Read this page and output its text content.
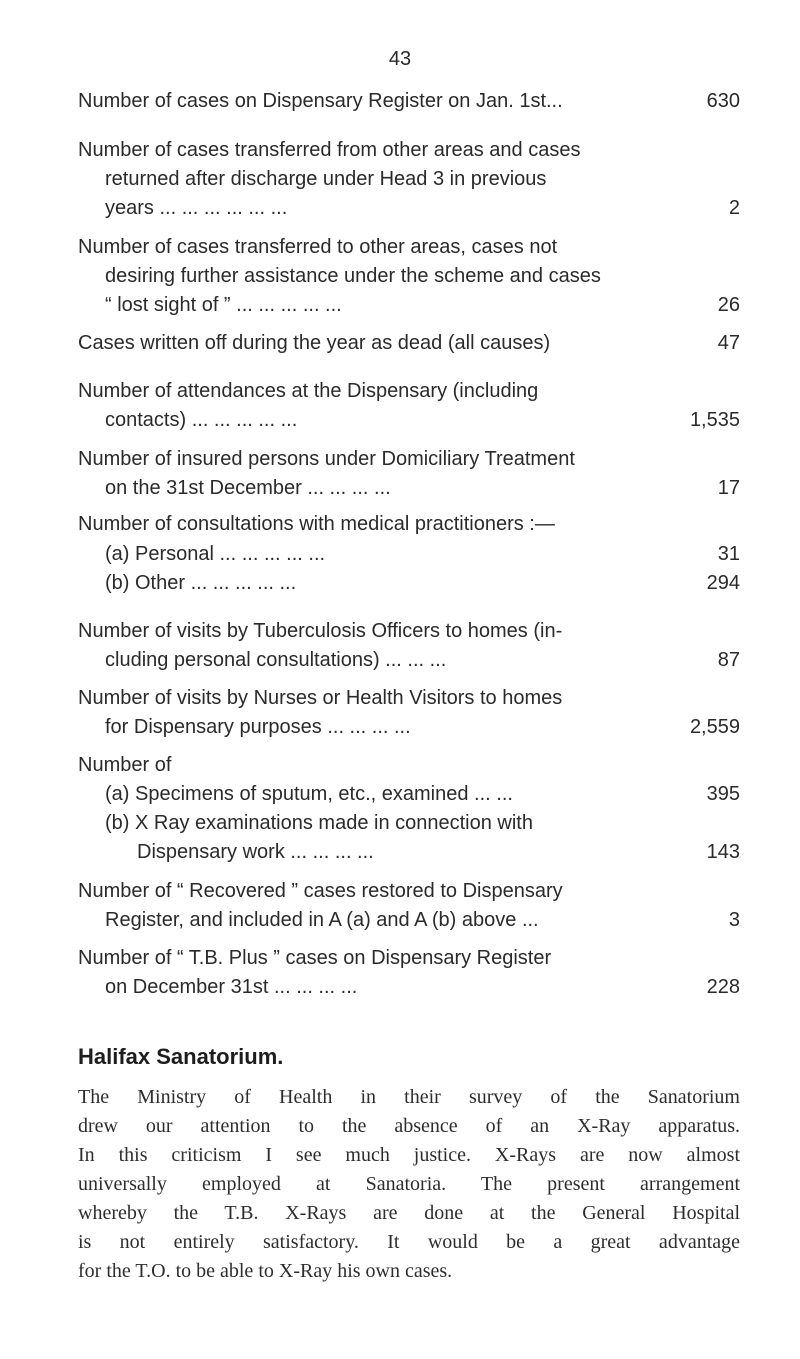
43
Number of cases on Dispensary Register on Jan. 1st...	630
Number of cases transferred from other areas and cases
returned after discharge under Head 3 in previous
years ... ... ... ... ... ...	2
Number of cases transferred to other areas, cases not
desiring further assistance under the scheme and cases
“ lost sight of ” ... ... ... ... ...	26
Cases written off during the year as dead (all causes)	47
Number of attendances at the Dispensary (including
contacts) ... ... ... ... ...	1,535
Number of insured persons under Domiciliary Treatment
on the 31st December ... ... ... ...	17
Number of consultations with medical practitioners :—
(a) Personal ... ... ... ... ...	31
(b) Other ... ... ... ... ...	294
Number of visits by Tuberculosis Officers to homes (in-
cluding personal consultations) ... ... ...	87
Number of visits by Nurses or Health Visitors to homes
for Dispensary purposes ... ... ... ...	2,559
Number of
(a) Specimens of sputum, etc., examined ... ...	395
(b) X Ray examinations made in connection with
Dispensary work ... ... ... ...	143
Number of “ Recovered ” cases restored to Dispensary
Register, and included in A (a) and A (b) above ...	3
Number of “ T.B. Plus ” cases on Dispensary Register
on December 31st ... ... ... ...	228
Halifax Sanatorium.
The Ministry of Health in their survey of the Sanatorium
drew our attention to the absence of an X-Ray apparatus.
In this criticism I see much justice. X-Rays are now almost
universally employed at Sanatoria. The present arrangement
whereby the T.B. X-Rays are done at the General Hospital
is not entirely satisfactory. It would be a great advantage
for the T.O. to be able to X-Ray his own cases.
